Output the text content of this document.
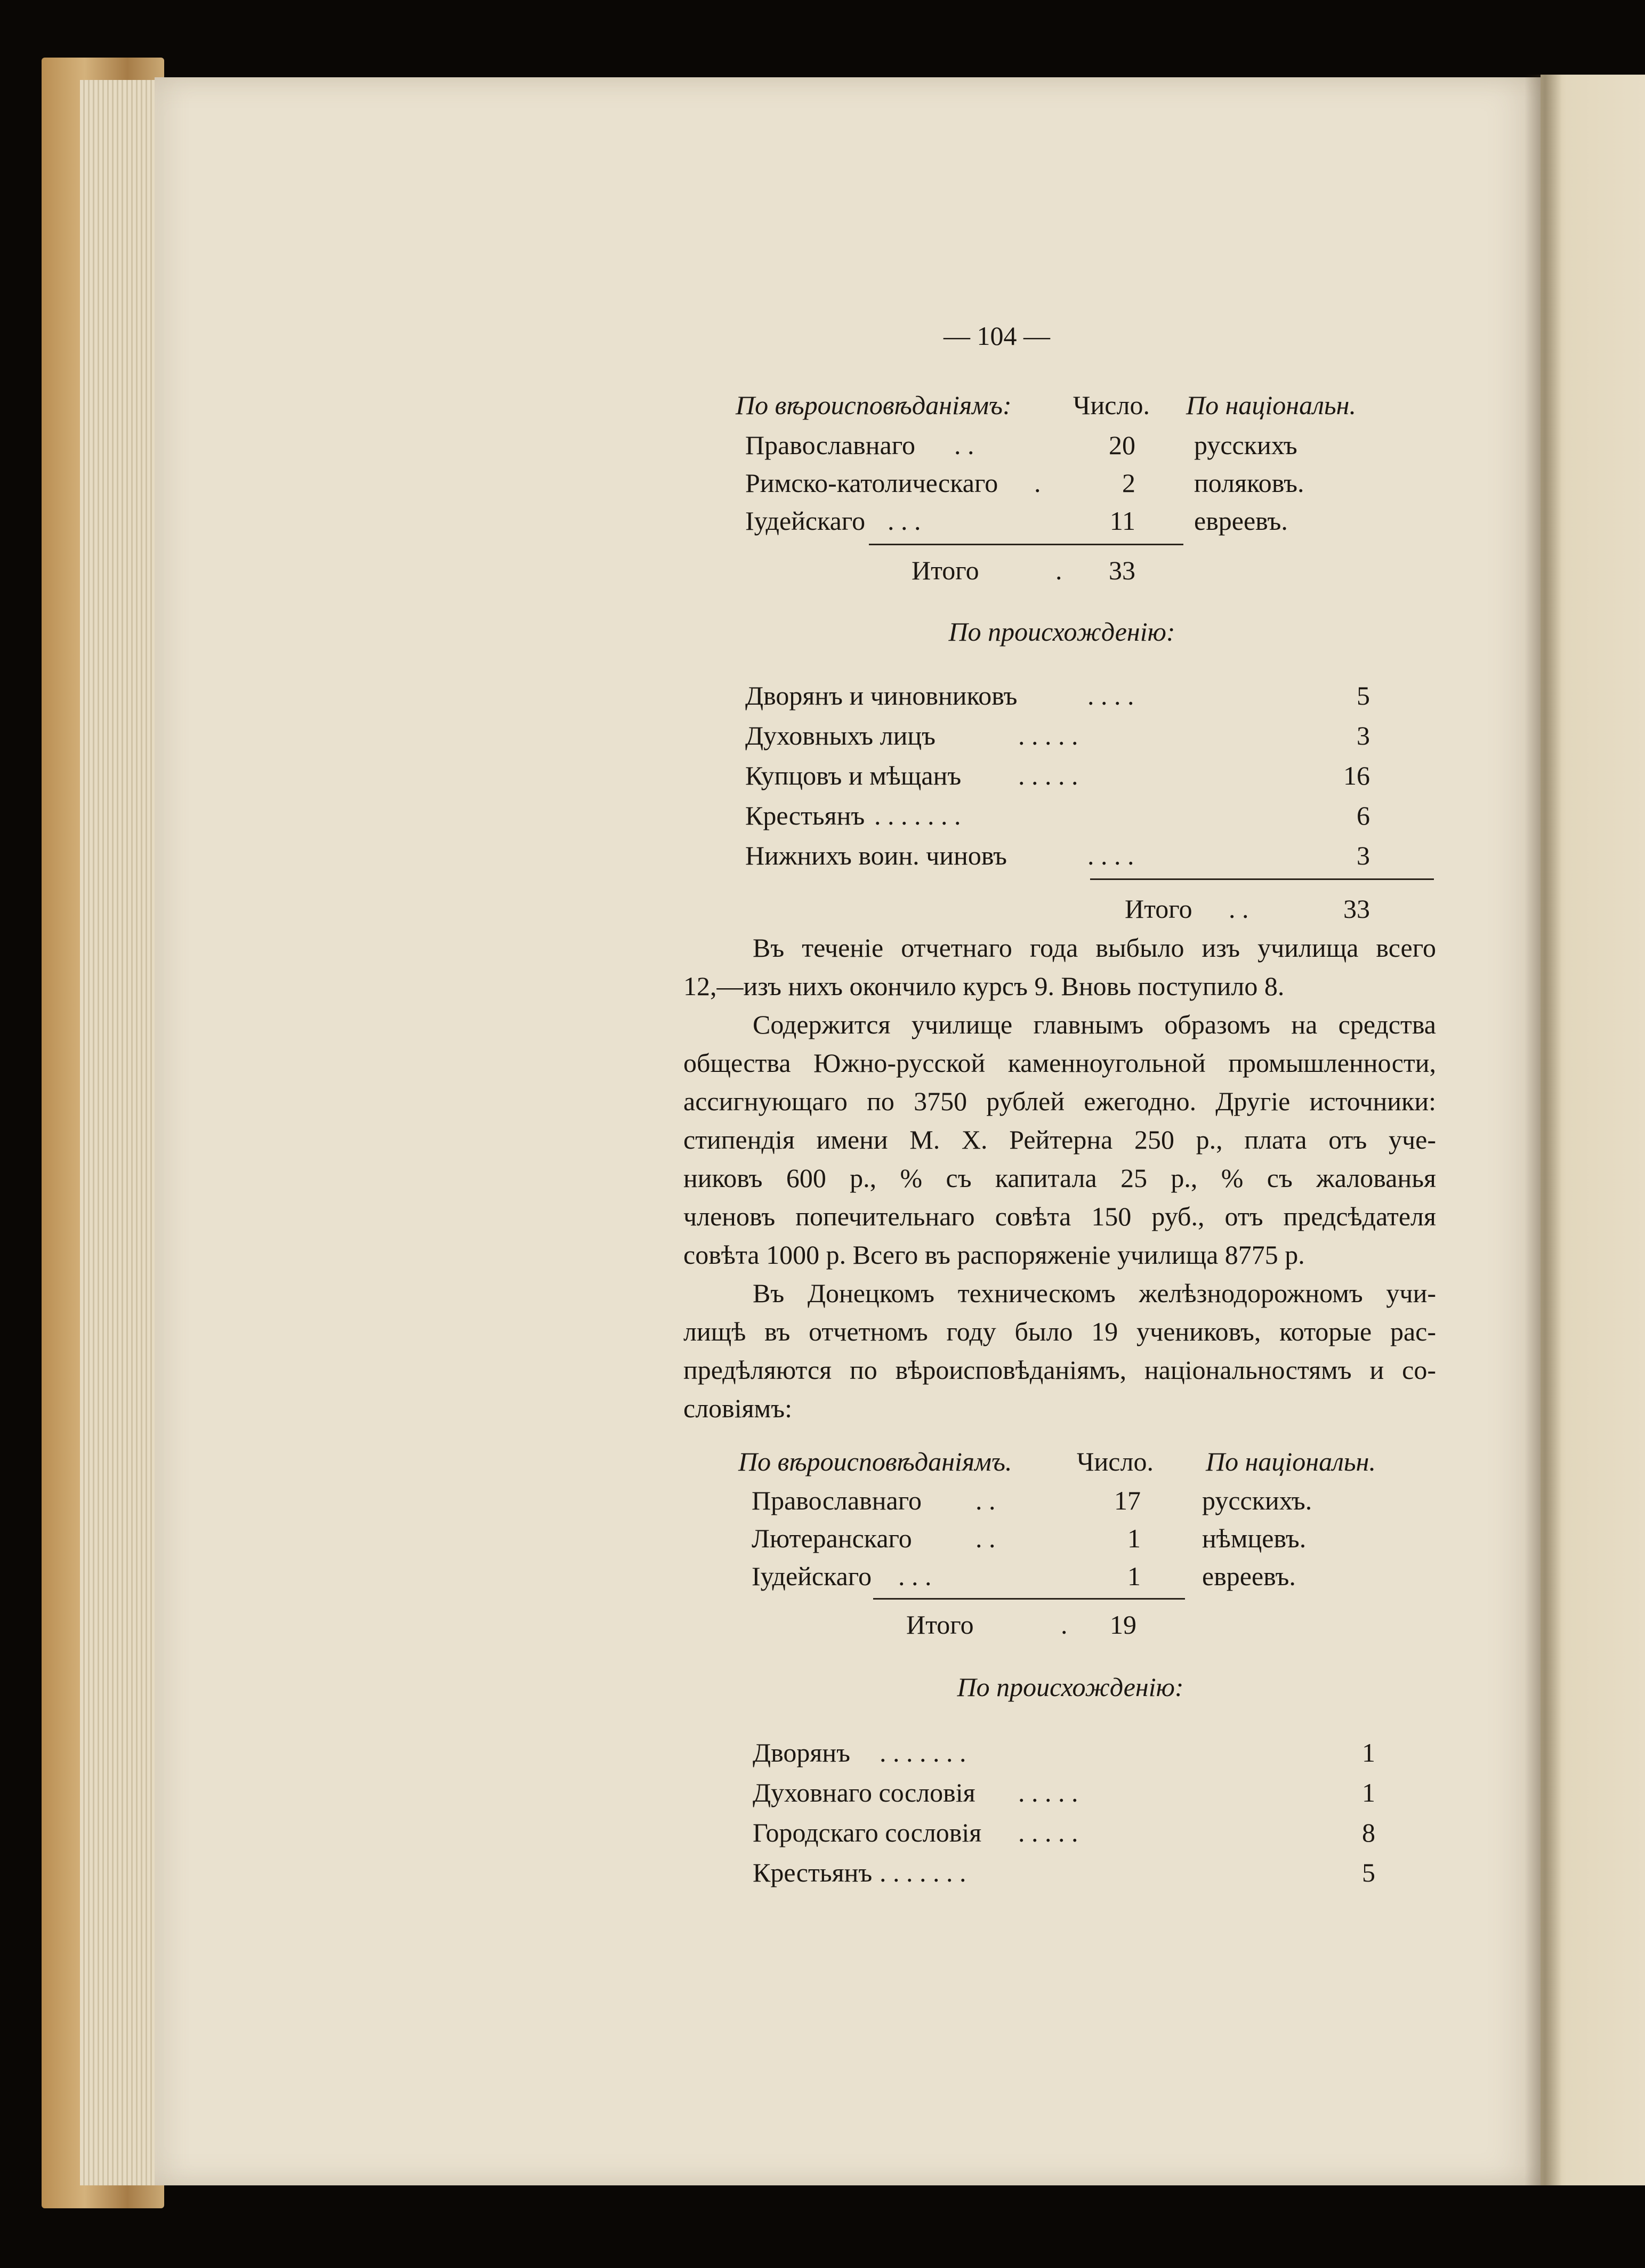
— 104 —
По вѣроисповѣданіямъ: Число. По національн.
Православнаго . .	20 русскихъ
Римско-католическаго .	2 поляковъ.
Іудейскаго . . .	11 евреевъ.
Итого	. 33
По происхожденію:
Дворянъ и чиновниковъ	. . . .	5
Духовныхъ лицъ	. . . . .	3
Купцовъ и мѣщанъ . . . . .	16
Крестьянъ . . . . . . .	6
Нижнихъ воин. чиновъ	. . . .	3
Итого . .	33
Въ теченіе отчетнаго года выбыло изъ училища всего
12,—изъ нихъ окончило курсъ 9. Вновь поступило 8.
Содержится училище главнымъ образомъ на средства
общества Южно-русской каменноугольной промышленности,
ассигнующаго по 3750 рублей ежегодно. Другіе источники:
стипендія имени М. Х. Рейтерна 250 р., плата отъ уче-
никовъ 600 р., % съ капитала 25 р., % съ жалованья
членовъ попечительнаго совѣта 150 руб., отъ предсѣдателя
совѣта 1000 р. Всего въ распоряженіе училища 8775 р.
Въ Донецкомъ техническомъ желѣзнодорожномъ учи-
лищѣ въ отчетномъ году было 19 учениковъ, которые рас-
предѣляются по вѣроисповѣданіямъ, національностямъ и со-
словіямъ:
По вѣроисповѣданіямъ. Число. По національн.
Православнаго . .	17 русскихъ.
Лютеранскаго . .	1 нѣмцевъ.
Іудейскаго . . .	1 евреевъ.
Итого	. 19
По происхожденію:
Дворянъ . . . . . . .	1
Духовнаго сословія . . . . .	1
Городскаго сословія . . . . .	8
Крестьянъ . . . . . . .	5
